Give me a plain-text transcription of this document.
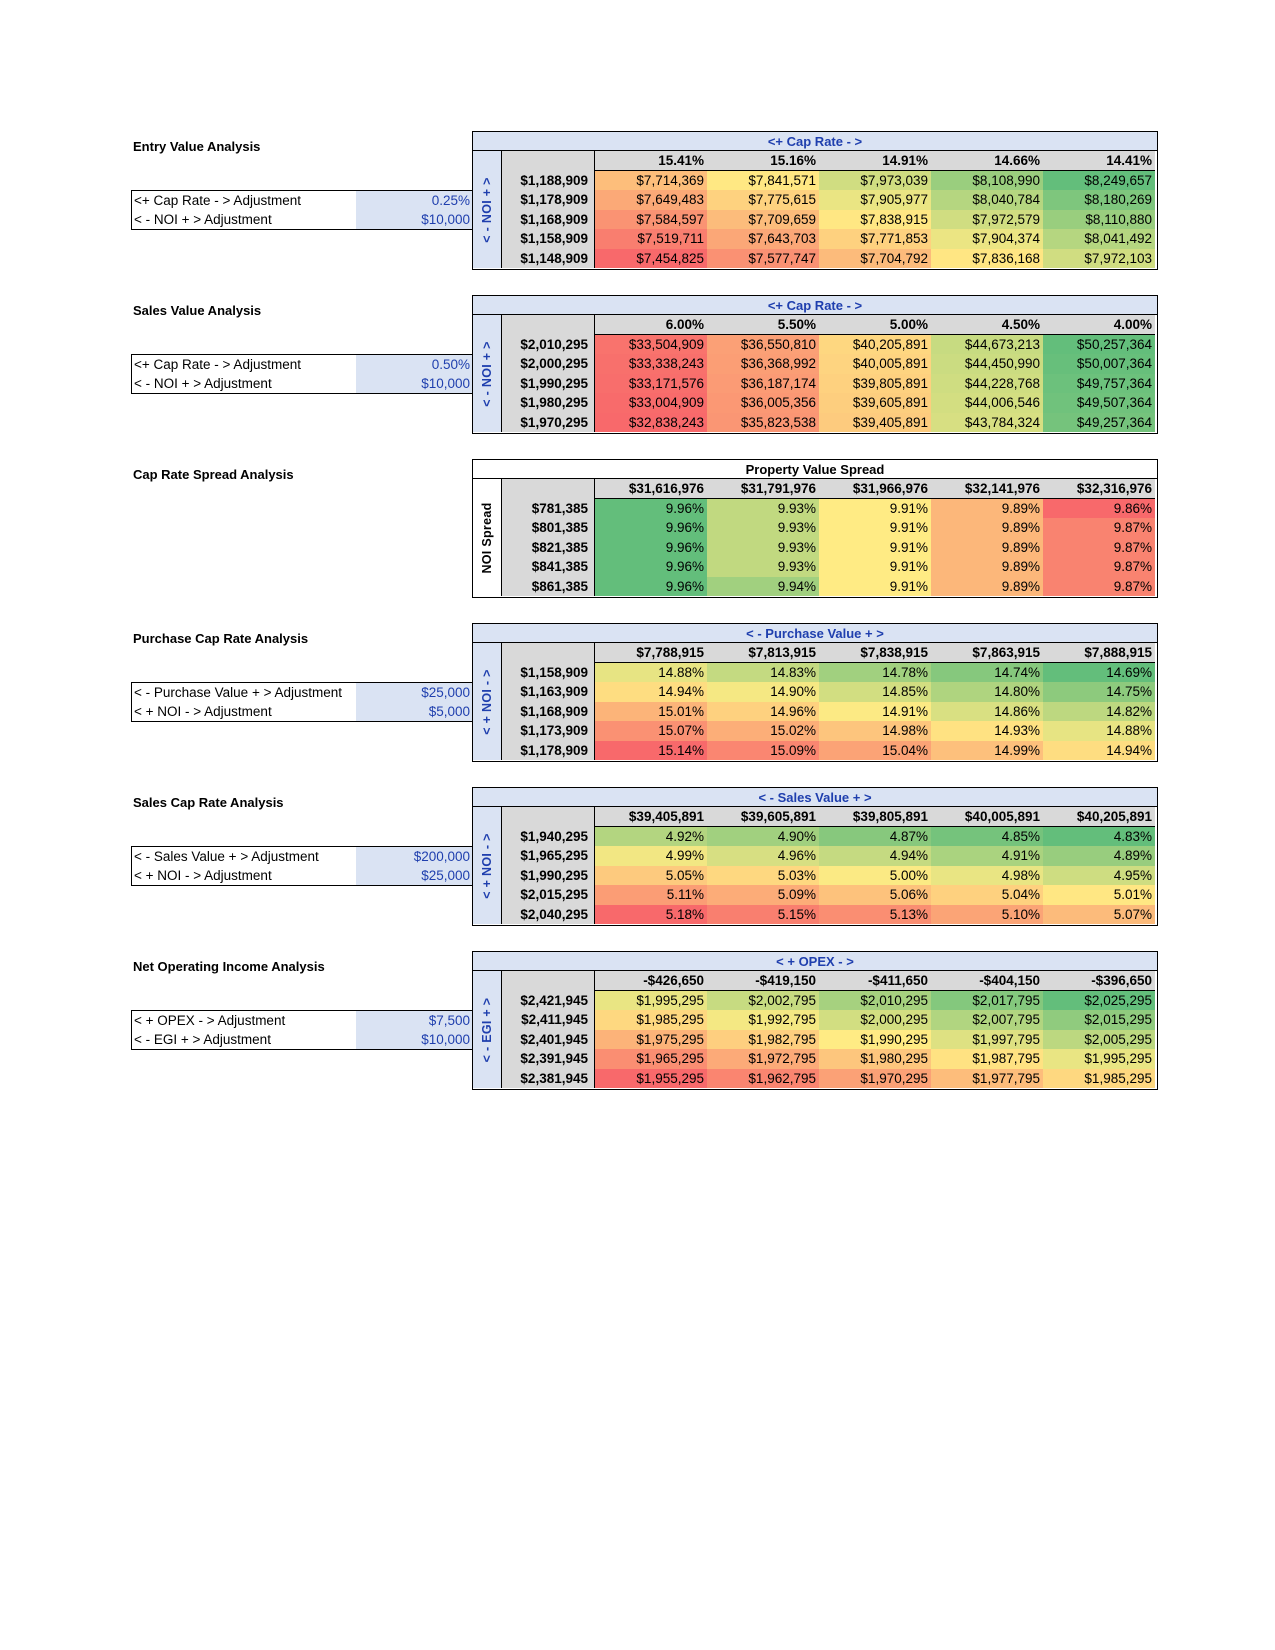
Entry Value Analysis
<+ Cap Rate - > Adjustment	0.25%
< - NOI + > Adjustment	$10,000
<+ Cap Rate - >
< - NOI + >
15.41%	15.16%	14.91%	14.66%	14.41%
$1,188,909	$7,714,369	$7,841,571	$7,973,039	$8,108,990	$8,249,657
$1,178,909	$7,649,483	$7,775,615	$7,905,977	$8,040,784	$8,180,269
$1,168,909	$7,584,597	$7,709,659	$7,838,915	$7,972,579	$8,110,880
$1,158,909	$7,519,711	$7,643,703	$7,771,853	$7,904,374	$8,041,492
$1,148,909	$7,454,825	$7,577,747	$7,704,792	$7,836,168	$7,972,103
Sales Value Analysis
<+ Cap Rate - > Adjustment	0.50%
< - NOI + > Adjustment	$10,000
<+ Cap Rate - >
< - NOI + >
6.00%	5.50%	5.00%	4.50%	4.00%
$2,010,295	$33,504,909	$36,550,810	$40,205,891	$44,673,213	$50,257,364
$2,000,295	$33,338,243	$36,368,992	$40,005,891	$44,450,990	$50,007,364
$1,990,295	$33,171,576	$36,187,174	$39,805,891	$44,228,768	$49,757,364
$1,980,295	$33,004,909	$36,005,356	$39,605,891	$44,006,546	$49,507,364
$1,970,295	$32,838,243	$35,823,538	$39,405,891	$43,784,324	$49,257,364
Cap Rate Spread Analysis	Property Value Spread
NOI Spread
$31,616,976	$31,791,976	$31,966,976	$32,141,976	$32,316,976
$781,385	9.96%	9.93%	9.91%	9.89%	9.86%
$801,385	9.96%	9.93%	9.91%	9.89%	9.87%
$821,385	9.96%	9.93%	9.91%	9.89%	9.87%
$841,385	9.96%	9.93%	9.91%	9.89%	9.87%
$861,385	9.96%	9.94%	9.91%	9.89%	9.87%
Purchase Cap Rate Analysis
< - Purchase Value + > Adjustment	$25,000
< + NOI - > Adjustment	$5,000
< - Purchase Value + >
< + NOI - >
$7,788,915	$7,813,915	$7,838,915	$7,863,915	$7,888,915
$1,158,909	14.88%	14.83%	14.78%	14.74%	14.69%
$1,163,909	14.94%	14.90%	14.85%	14.80%	14.75%
$1,168,909	15.01%	14.96%	14.91%	14.86%	14.82%
$1,173,909	15.07%	15.02%	14.98%	14.93%	14.88%
$1,178,909	15.14%	15.09%	15.04%	14.99%	14.94%
Sales Cap Rate Analysis
< - Sales Value + > Adjustment	$200,000
< + NOI - > Adjustment	$25,000
< - Sales Value + >
< + NOI - >
$39,405,891	$39,605,891	$39,805,891	$40,005,891	$40,205,891
$1,940,295	4.92%	4.90%	4.87%	4.85%	4.83%
$1,965,295	4.99%	4.96%	4.94%	4.91%	4.89%
$1,990,295	5.05%	5.03%	5.00%	4.98%	4.95%
$2,015,295	5.11%	5.09%	5.06%	5.04%	5.01%
$2,040,295	5.18%	5.15%	5.13%	5.10%	5.07%
Net Operating Income Analysis
< + OPEX - > Adjustment	$7,500
< - EGI + > Adjustment	$10,000
< + OPEX - >
< - EGI + >
-$426,650	-$419,150	-$411,650	-$404,150	-$396,650
$2,421,945	$1,995,295	$2,002,795	$2,010,295	$2,017,795	$2,025,295
$2,411,945	$1,985,295	$1,992,795	$2,000,295	$2,007,795	$2,015,295
$2,401,945	$1,975,295	$1,982,795	$1,990,295	$1,997,795	$2,005,295
$2,391,945	$1,965,295	$1,972,795	$1,980,295	$1,987,795	$1,995,295
$2,381,945	$1,955,295	$1,962,795	$1,970,295	$1,977,795	$1,985,295
